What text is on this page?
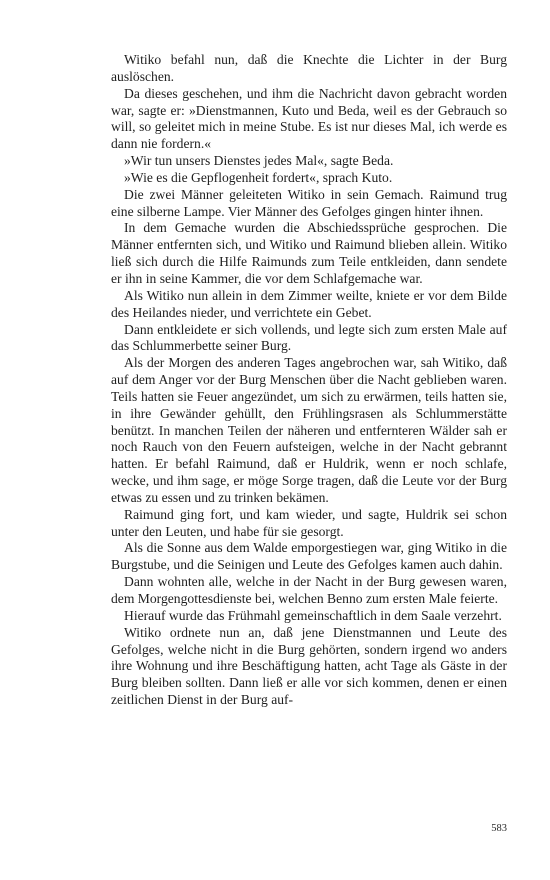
Witiko befahl nun, daß die Knechte die Lichter in der Burg auslöschen.

Da dieses geschehen, und ihm die Nachricht davon gebracht worden war, sagte er: »Dienstmannen, Kuto und Beda, weil es der Gebrauch so will, so geleitet mich in meine Stube. Es ist nur dieses Mal, ich werde es dann nie fordern.«

»Wir tun unsers Dienstes jedes Mal«, sagte Beda.

»Wie es die Gepflogenheit fordert«, sprach Kuto.

Die zwei Männer geleiteten Witiko in sein Gemach. Raimund trug eine silberne Lampe. Vier Männer des Gefolges gingen hinter ihnen.

In dem Gemache wurden die Abschiedssprüche gesprochen. Die Männer entfernten sich, und Witiko und Raimund blieben allein. Witiko ließ sich durch die Hilfe Raimunds zum Teile entkleiden, dann sendete er ihn in seine Kammer, die vor dem Schlafgemache war.

Als Witiko nun allein in dem Zimmer weilte, kniete er vor dem Bilde des Heilandes nieder, und verrichtete ein Gebet.

Dann entkleidete er sich vollends, und legte sich zum ersten Male auf das Schlummerbette seiner Burg.

Als der Morgen des anderen Tages angebrochen war, sah Witiko, daß auf dem Anger vor der Burg Menschen über die Nacht geblieben waren. Teils hatten sie Feuer angezündet, um sich zu erwärmen, teils hatten sie, in ihre Gewänder gehüllt, den Frühlingsrasen als Schlummerstätte benützt. In manchen Teilen der näheren und entfernteren Wälder sah er noch Rauch von den Feuern aufsteigen, welche in der Nacht gebrannt hatten. Er befahl Raimund, daß er Huldrik, wenn er noch schlafe, wecke, und ihm sage, er möge Sorge tragen, daß die Leute vor der Burg etwas zu essen und zu trinken bekämen.

Raimund ging fort, und kam wieder, und sagte, Huldrik sei schon unter den Leuten, und habe für sie gesorgt.

Als die Sonne aus dem Walde emporgestiegen war, ging Witiko in die Burgstube, und die Seinigen und Leute des Gefolges kamen auch dahin.

Dann wohnten alle, welche in der Nacht in der Burg gewesen waren, dem Morgengottesdienste bei, welchen Benno zum ersten Male feierte.

Hierauf wurde das Frühmahl gemeinschaftlich in dem Saale verzehrt.

Witiko ordnete nun an, daß jene Dienstmannen und Leute des Gefolges, welche nicht in die Burg gehörten, sondern irgend wo anders ihre Wohnung und ihre Beschäftigung hatten, acht Tage als Gäste in der Burg bleiben sollten. Dann ließ er alle vor sich kommen, denen er einen zeitlichen Dienst in der Burg auf-

583
